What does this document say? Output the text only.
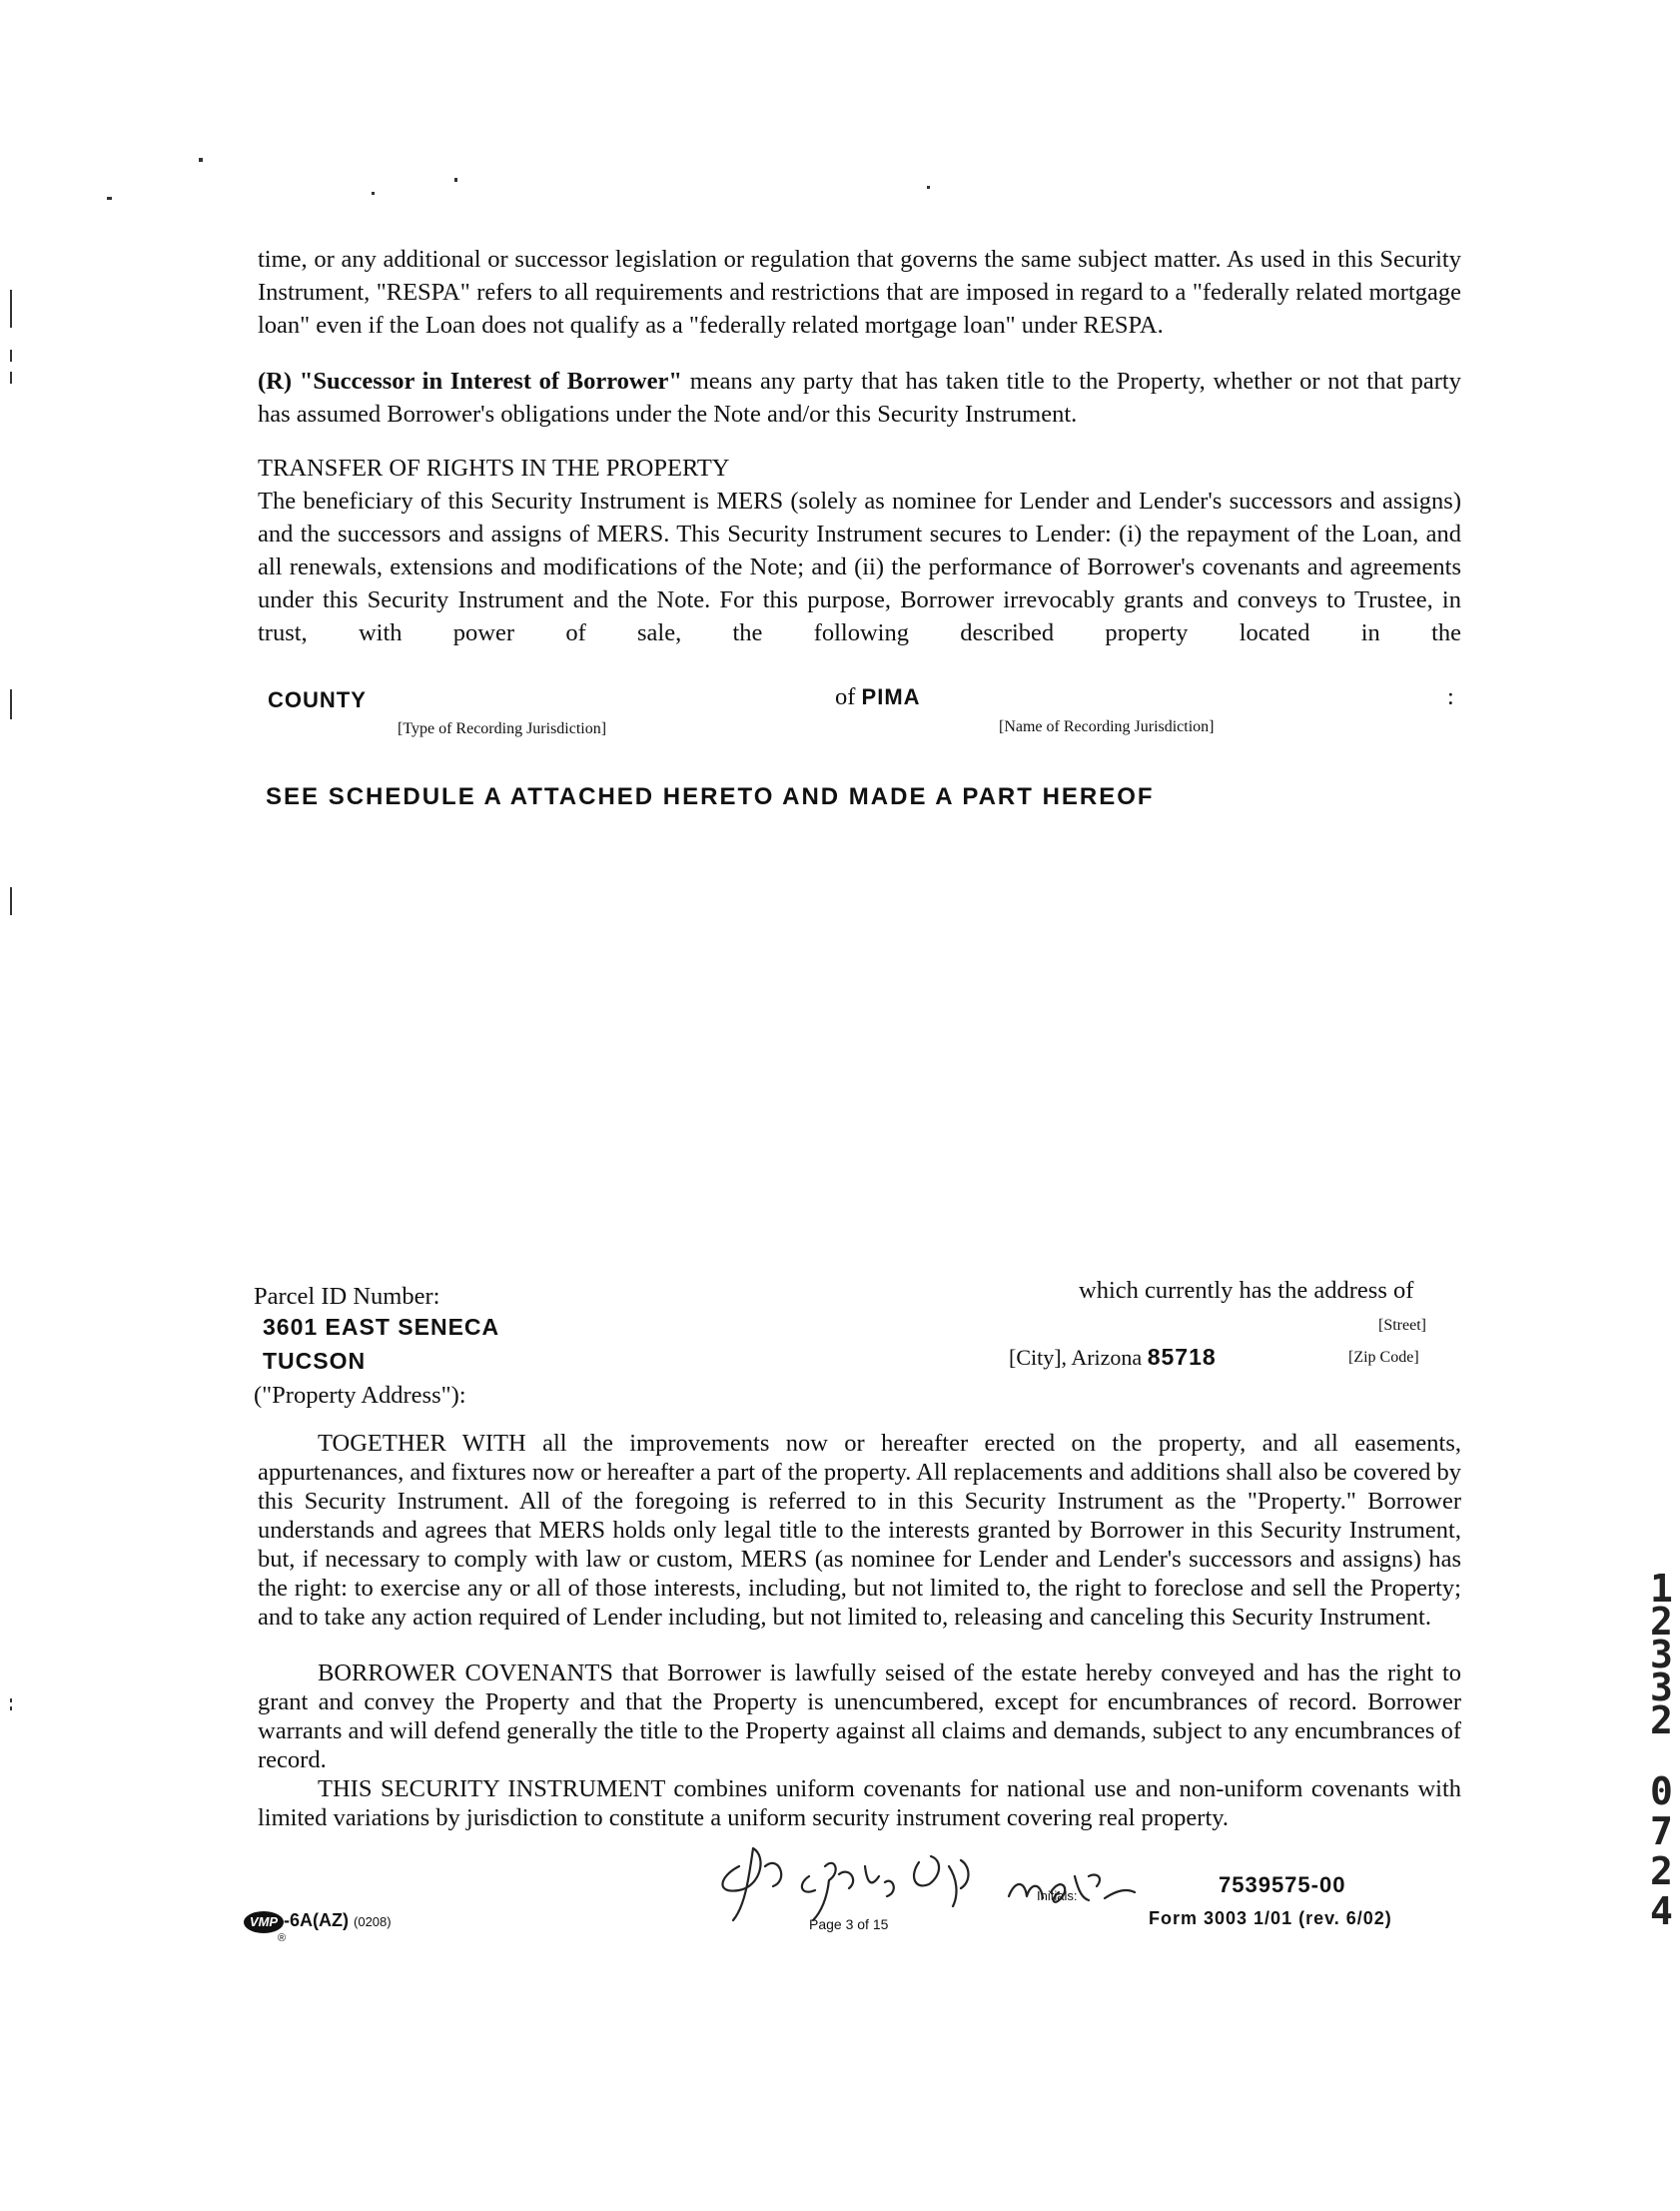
time, or any additional or successor legislation or regulation that governs the same subject matter. As used in this Security Instrument, "RESPA" refers to all requirements and restrictions that are imposed in regard to a "federally related mortgage loan" even if the Loan does not qualify as a "federally related mortgage loan" under RESPA.
(R) "Successor in Interest of Borrower" means any party that has taken title to the Property, whether or not that party has assumed Borrower's obligations under the Note and/or this Security Instrument.
TRANSFER OF RIGHTS IN THE PROPERTY
The beneficiary of this Security Instrument is MERS (solely as nominee for Lender and Lender's successors and assigns) and the successors and assigns of MERS. This Security Instrument secures to Lender: (i) the repayment of the Loan, and all renewals, extensions and modifications of the Note; and (ii) the performance of Borrower's covenants and agreements under this Security Instrument and the Note. For this purpose, Borrower irrevocably grants and conveys to Trustee, in trust, with power of sale, the following described property located in the
COUNTY	of PIMA	:
[Type of Recording Jurisdiction]	[Name of Recording Jurisdiction]
SEE SCHEDULE A ATTACHED HERETO AND MADE A PART HEREOF
Parcel ID Number:	which currently has the address of
3601 EAST SENECA	[Street]
TUCSON	[City], Arizona 85718	[Zip Code]
("Property Address"):
TOGETHER WITH all the improvements now or hereafter erected on the property, and all easements, appurtenances, and fixtures now or hereafter a part of the property. All replacements and additions shall also be covered by this Security Instrument. All of the foregoing is referred to in this Security Instrument as the "Property." Borrower understands and agrees that MERS holds only legal title to the interests granted by Borrower in this Security Instrument, but, if necessary to comply with law or custom, MERS (as nominee for Lender and Lender's successors and assigns) has the right: to exercise any or all of those interests, including, but not limited to, the right to foreclose and sell the Property; and to take any action required of Lender including, but not limited to, releasing and canceling this Security Instrument.
BORROWER COVENANTS that Borrower is lawfully seised of the estate hereby conveyed and has the right to grant and convey the Property and that the Property is unencumbered, except for encumbrances of record. Borrower warrants and will defend generally the title to the Property against all claims and demands, subject to any encumbrances of record.
THIS SECURITY INSTRUMENT combines uniform covenants for national use and non-uniform covenants with limited variations by jurisdiction to constitute a uniform security instrument covering real property.
1
2
3
3
2
0
7
2
4
Initials:
VMP -6A(AZ) (0208)
®
Page 3 of 15
7539575-00
Form 3003 1/01 (rev. 6/02)
